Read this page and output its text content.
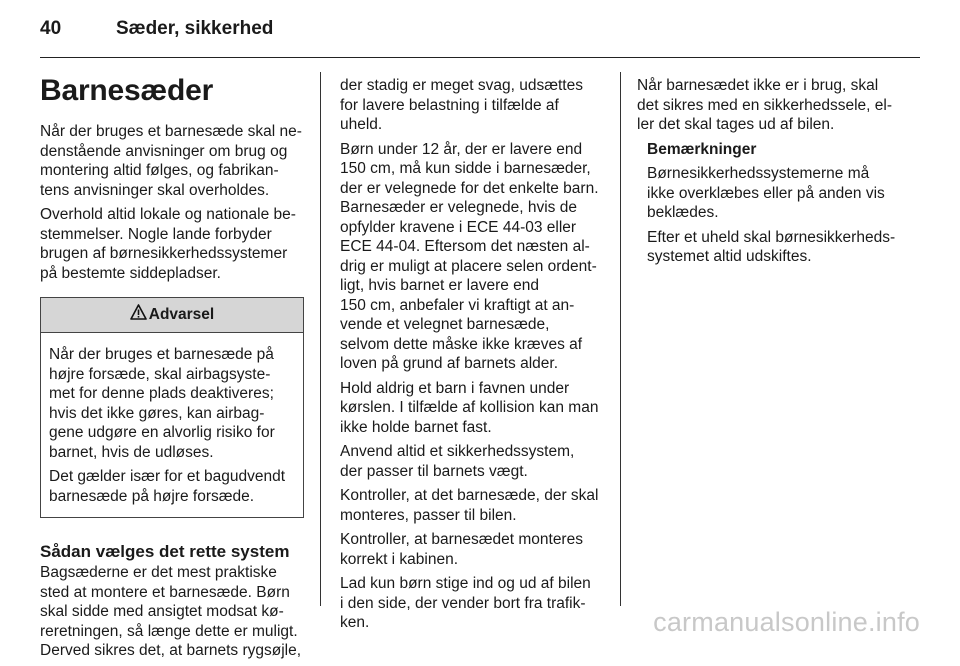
40	Sæder, sikkerhed
Barnesæder

Når der bruges et barnesæde skal ne-
denstående anvisninger om brug og
montering altid følges, og fabrikan-
tens anvisninger skal overholdes.

Overhold altid lokale og nationale be-
stemmelser. Nogle lande forbyder
brugen af børnesikkerhedssystemer
på bestemte siddepladser.

Advarsel

Når der bruges et barnesæde på
højre forsæde, skal airbagsyste-
met for denne plads deaktiveres;
hvis det ikke gøres, kan airbag-
gene udgøre en alvorlig risiko for
barnet, hvis de udløses.

Det gælder især for et bagudvendt
barnesæde på højre forsæde.

Sådan vælges det rette system

Bagsæderne er det mest praktiske
sted at montere et barnesæde. Børn
skal sidde med ansigtet modsat kø-
reretningen, så længe dette er muligt.
Derved sikres det, at barnets rygsøjle,

der stadig er meget svag, udsættes
for lavere belastning i tilfælde af
uheld.

Børn under 12 år, der er lavere end
150 cm, må kun sidde i barnesæder,
der er velegnede for det enkelte barn.
Barnesæder er velegnede, hvis de
opfylder kravene i ECE 44-03 eller
ECE 44-04. Eftersom det næsten al-
drig er muligt at placere selen ordent-
ligt, hvis barnet er lavere end
150 cm, anbefaler vi kraftigt at an-
vende et velegnet barnesæde,
selvom dette måske ikke kræves af
loven på grund af barnets alder.

Hold aldrig et barn i favnen under
kørslen. I tilfælde af kollision kan man
ikke holde barnet fast.

Anvend altid et sikkerhedssystem,
der passer til barnets vægt.

Kontroller, at det barnesæde, der skal
monteres, passer til bilen.

Kontroller, at barnesædet monteres
korrekt i kabinen.

Lad kun børn stige ind og ud af bilen
i den side, der vender bort fra trafik-
ken.

Når barnesædet ikke er i brug, skal
det sikres med en sikkerhedssele, el-
ler det skal tages ud af bilen.

Bemærkninger

Børnesikkerhedssystemerne må
ikke overklæbes eller på anden vis
beklædes.

Efter et uheld skal børnesikkerheds-
systemet altid udskiftes.

carmanualsonline.info
